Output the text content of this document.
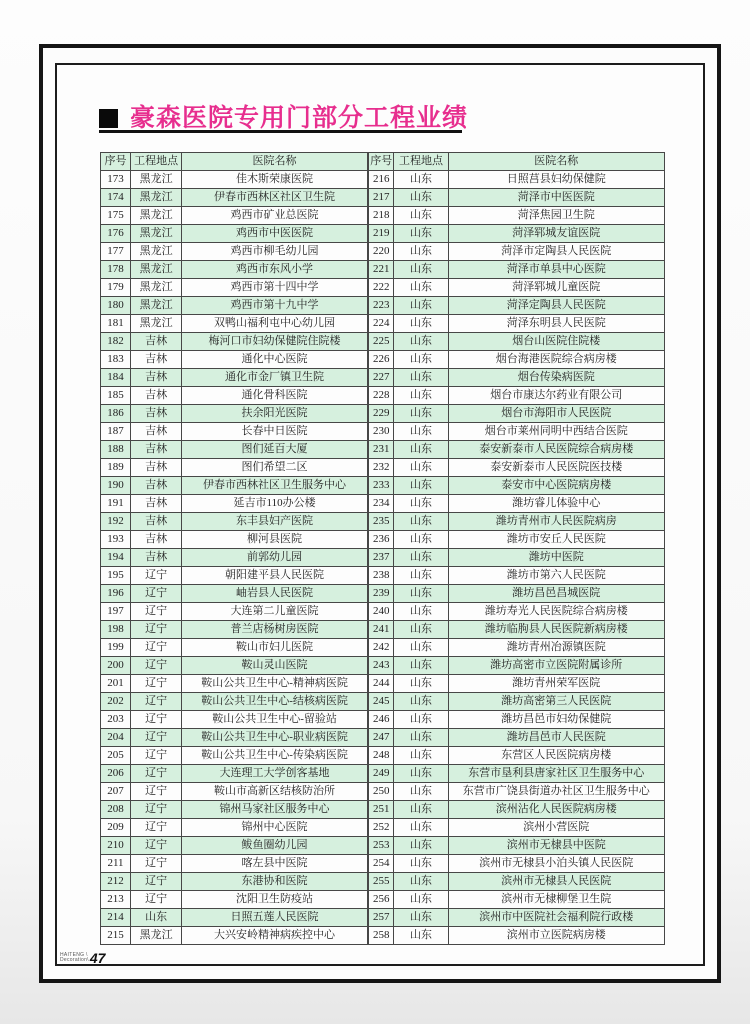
豪森医院专用门部分工程业绩
序号	工程地点	医院名称	序号	工程地点	医院名称
173	黑龙江	佳木斯荣康医院	216	山东	日照莒县妇幼保健院
174	黑龙江	伊春市西林区社区卫生院	217	山东	菏泽市中医医院
175	黑龙江	鸡西市矿业总医院	218	山东	菏泽焦园卫生院
176	黑龙江	鸡西市中医医院	219	山东	菏泽郓城友谊医院
177	黑龙江	鸡西市柳毛幼儿园	220	山东	菏泽市定陶县人民医院
178	黑龙江	鸡西市东风小学	221	山东	菏泽市单县中心医院
179	黑龙江	鸡西市第十四中学	222	山东	菏泽郓城儿童医院
180	黑龙江	鸡西市第十九中学	223	山东	菏泽定陶县人民医院
181	黑龙江	双鸭山福利屯中心幼儿园	224	山东	菏泽东明县人民医院
182	吉林	梅河口市妇幼保健院住院楼	225	山东	烟台山医院住院楼
183	吉林	通化中心医院	226	山东	烟台海港医院综合病房楼
184	吉林	通化市金厂镇卫生院	227	山东	烟台传染病医院
185	吉林	通化骨科医院	228	山东	烟台市康达尔药业有限公司
186	吉林	扶余阳光医院	229	山东	烟台市海阳市人民医院
187	吉林	长春中日医院	230	山东	烟台市莱州同明中西结合医院
188	吉林	图们延百大厦	231	山东	泰安新泰市人民医院综合病房楼
189	吉林	图们希望二区	232	山东	泰安新泰市人民医院医技楼
190	吉林	伊春市西林社区卫生服务中心	233	山东	泰安市中心医院病房楼
191	吉林	延吉市110办公楼	234	山东	潍坊睿儿体验中心
192	吉林	东丰县妇产医院	235	山东	潍坊青州市人民医院病房
193	吉林	柳河县医院	236	山东	潍坊市安丘人民医院
194	吉林	前郭幼儿园	237	山东	潍坊中医院
195	辽宁	朝阳建平县人民医院	238	山东	潍坊市第六人民医院
196	辽宁	岫岩县人民医院	239	山东	潍坊昌邑昌城医院
197	辽宁	大连第二儿童医院	240	山东	潍坊寿光人民医院综合病房楼
198	辽宁	普兰店杨树房医院	241	山东	潍坊临朐县人民医院新病房楼
199	辽宁	鞍山市妇儿医院	242	山东	潍坊青州冶源镇医院
200	辽宁	鞍山灵山医院	243	山东	潍坊高密市立医院附属诊所
201	辽宁	鞍山公共卫生中心-精神病医院	244	山东	潍坊青州荣军医院
202	辽宁	鞍山公共卫生中心-结核病医院	245	山东	潍坊高密第三人民医院
203	辽宁	鞍山公共卫生中心-留验站	246	山东	潍坊昌邑市妇幼保健院
204	辽宁	鞍山公共卫生中心-职业病医院	247	山东	潍坊昌邑市人民医院
205	辽宁	鞍山公共卫生中心-传染病医院	248	山东	东营区人民医院病房楼
206	辽宁	大连理工大学创客基地	249	山东	东营市垦利县唐家社区卫生服务中心
207	辽宁	鞍山市高新区结核防治所	250	山东	东营市广饶县街道办社区卫生服务中心
208	辽宁	锦州马家社区服务中心	251	山东	滨州沾化人民医院病房楼
209	辽宁	锦州中心医院	252	山东	滨州小营医院
210	辽宁	鲅鱼圈幼儿园	253	山东	滨州市无棣县中医院
211	辽宁	喀左县中医院	254	山东	滨州市无棣县小泊头镇人民医院
212	辽宁	东港协和医院	255	山东	滨州市无棣县人民医院
213	辽宁	沈阳卫生防疫站	256	山东	滨州市无棣柳堡卫生院
214	山东	日照五莲人民医院	257	山东	滨州市中医院社会福利院行政楼
215	黑龙江	大兴安岭精神病疾控中心	258	山东	滨州市立医院病房楼
HAITENG \
Decoration\ 47
